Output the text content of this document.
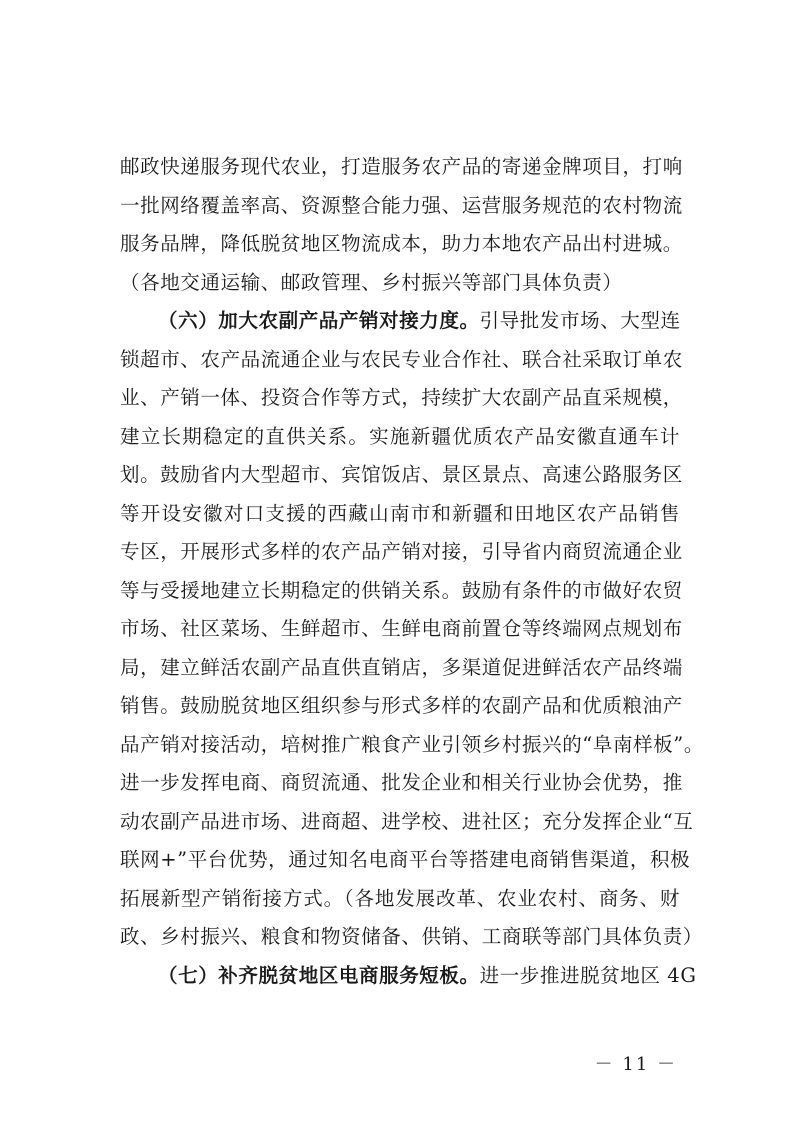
邮政快递服务现代农业，打造服务农产品的寄递金牌项目，打响
一批网络覆盖率高、资源整合能力强、运营服务规范的农村物流
服务品牌，降低脱贫地区物流成本，助力本地农产品出村进城。
（各地交通运输、邮政管理、乡村振兴等部门具体负责）
（六）加大农副产品产销对接力度。引导批发市场、大型连
锁超市、农产品流通企业与农民专业合作社、联合社采取订单农
业、产销一体、投资合作等方式，持续扩大农副产品直采规模，
建立长期稳定的直供关系。实施新疆优质农产品安徽直通车计
划。鼓励省内大型超市、宾馆饭店、景区景点、高速公路服务区
等开设安徽对口支援的西藏山南市和新疆和田地区农产品销售
专区，开展形式多样的农产品产销对接，引导省内商贸流通企业
等与受援地建立长期稳定的供销关系。鼓励有条件的市做好农贸
市场、社区菜场、生鲜超市、生鲜电商前置仓等终端网点规划布
局，建立鲜活农副产品直供直销店，多渠道促进鲜活农产品终端
销售。鼓励脱贫地区组织参与形式多样的农副产品和优质粮油产
品产销对接活动，培树推广粮食产业引领乡村振兴的“阜南样板”。
进一步发挥电商、商贸流通、批发企业和相关行业协会优势，推
动农副产品进市场、进商超、进学校、进社区；充分发挥企业“互
联网+”平台优势，通过知名电商平台等搭建电商销售渠道，积极
拓展新型产销衔接方式。（各地发展改革、农业农村、商务、财
政、乡村振兴、粮食和物资储备、供销、工商联等部门具体负责）
（七）补齐脱贫地区电商服务短板。进一步推进脱贫地区 4G
－ 11 －
